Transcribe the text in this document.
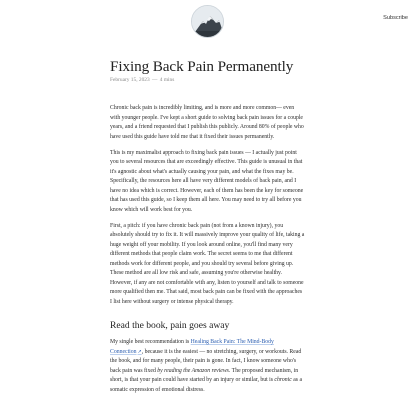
Subscribe
Fixing Back Pain Permanently
February 15, 2023 — 4 mins

Chronic back pain is incredibly limiting, and is more and more common— even with younger people. I've kept a short guide to solving back pain issues for a couple years, and a friend requested that I publish this publicly. Around 80% of people who have used this guide have told me that it fixed their issues permanently.

This is my maximalist approach to fixing back pain issues — I actually just point you to several resources that are exceedingly effective. This guide is unusual in that it's agnostic about what's actually causing your pain, and what the fixes may be. Specifically, the resources here all have very different models of back pain, and I have no idea which is correct. However, each of them has been the key for someone that has used this guide, so I keep them all here. You may need to try all before you know which will work best for you.

First, a pitch: if you have chronic back pain (not from a known injury), you absolutely should try to fix it. It will massively improve your quality of life, taking a huge weight off your mobility. If you look around online, you'll find many very different methods that people claim work. The secret seems to me that different methods work for different people, and you should try several before giving up. These method are all low risk and safe, assuming you're otherwise healthy. However, if any are not comfortable with any, listen to yourself and talk to someone more qualified then me. That said, most back pain can be fixed with the approaches I list here without surgery or intense physical therapy.

Read the book, pain goes away

My single best recommendation is Healing Back Pain: The Mind-Body Connection↗, because it is the easiest — no stretching, surgery, or workouts. Read the book, and for many people, their pain is gone. In fact, I know someone who's back pain was fixed by reading the Amazon reviews. The proposed mechanism, in short, is that your pain could have started by an injury or similar, but is chronic as a somatic expression of emotional distress.
